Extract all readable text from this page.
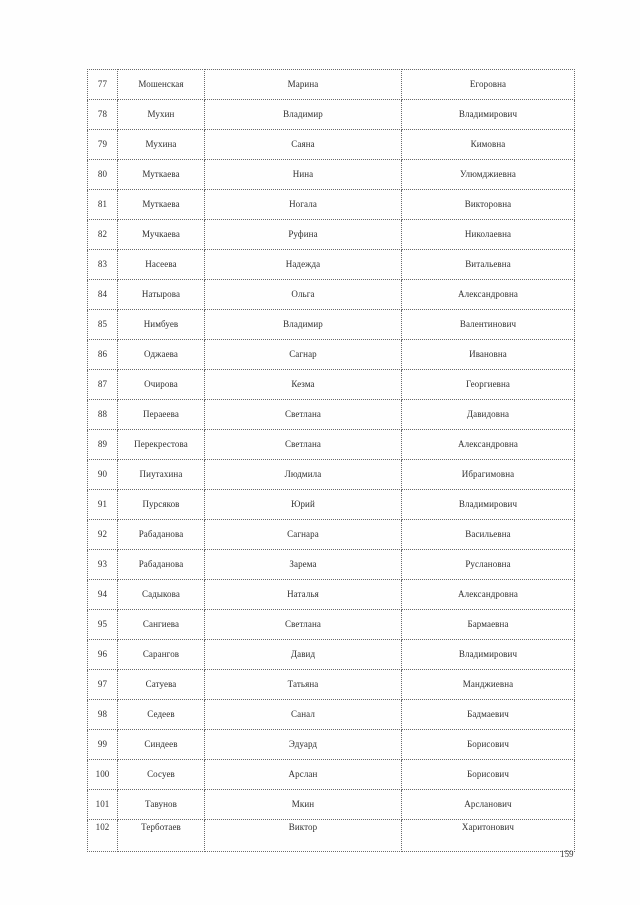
77	Мошенская	Марина	Егоровна
78	Мухин	Владимир	Владимирович
79	Мухина	Саяна	Кимовна
80	Муткаева	Нина	Улюмджиевна
81	Муткаева	Ногала	Викторовна
82	Мучкаева	Руфина	Николаевна
83	Насеева	Надежда	Витальевна
84	Натырова	Ольга	Александровна
85	Нимбуев	Владимир	Валентинович
86	Оджаева	Сагнар	Ивановна
87	Очирова	Кезма	Георгиевна
88	Пераеева	Светлана	Давидовна
89	Перекрестова	Светлана	Александровна
90	Пиутахина	Людмила	Ибрагимовна
91	Пурсяков	Юрий	Владимирович
92	Рабаданова	Сагнара	Васильевна
93	Рабаданова	Зарема	Руслановна
94	Садыкова	Наталья	Александровна
95	Сангиева	Светлана	Бармаевна
96	Сарангов	Давид	Владимирович
97	Сатуева	Татьяна	Манджиевна
98	Седеев	Санал	Бадмаевич
99	Синдеев	Эдуард	Борисович
100	Сосуев	Арслан	Борисович
101	Тавунов	Мкин	Арсланович
102	Терботаев	Виктор	Харитонович
159
